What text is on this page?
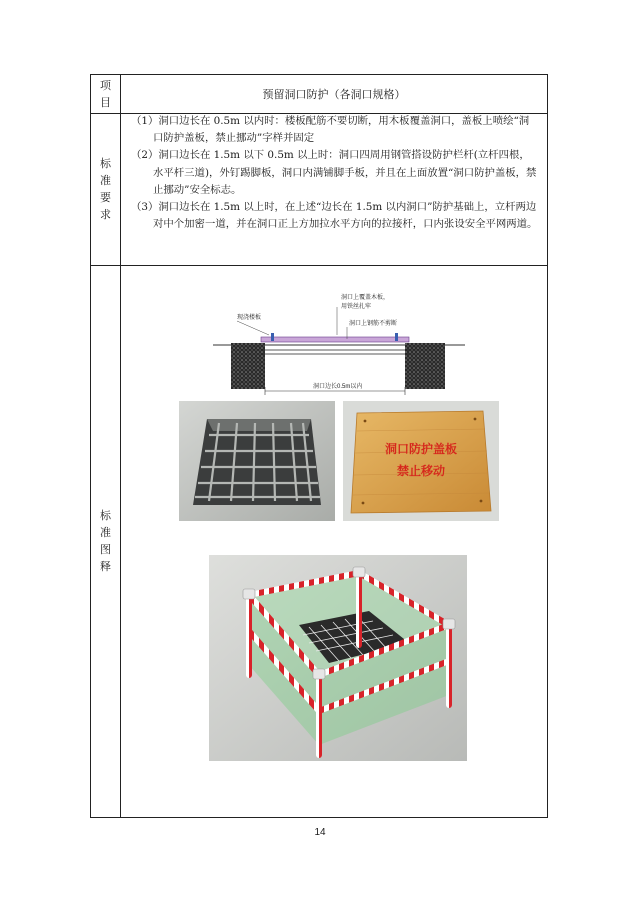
项
目
预留洞口防护（各洞口规格）
标
准
要
求

（1）洞口边长在 0.5m 以内时：楼板配筋不要切断，用木板覆盖洞口，盖板上喷绘“洞口防护盖板，禁止挪动”字样并固定

（2）洞口边长在 1.5m 以下 0.5m 以上时：洞口四周用钢管搭设防护栏杆(立杆四根，水平杆三道)，外钉踢脚板，洞口内满铺脚手板，并且在上面放置“洞口防护盖板，禁止挪动”安全标志。

（3）洞口边长在 1.5m 以上时，在上述“边长在 1.5m 以内洞口”防护基础上，立杆两边对中个加密一道，并在洞口正上方加拉水平方向的拉接杆，口内张设安全平网两道。

标
准
图
释
洞口上覆盖木板，
用铁丝扎牢
现浇楼板
洞口上钢筋不剪断
洞口边长0.5m以内
洞口防护盖板
禁止移动
14
